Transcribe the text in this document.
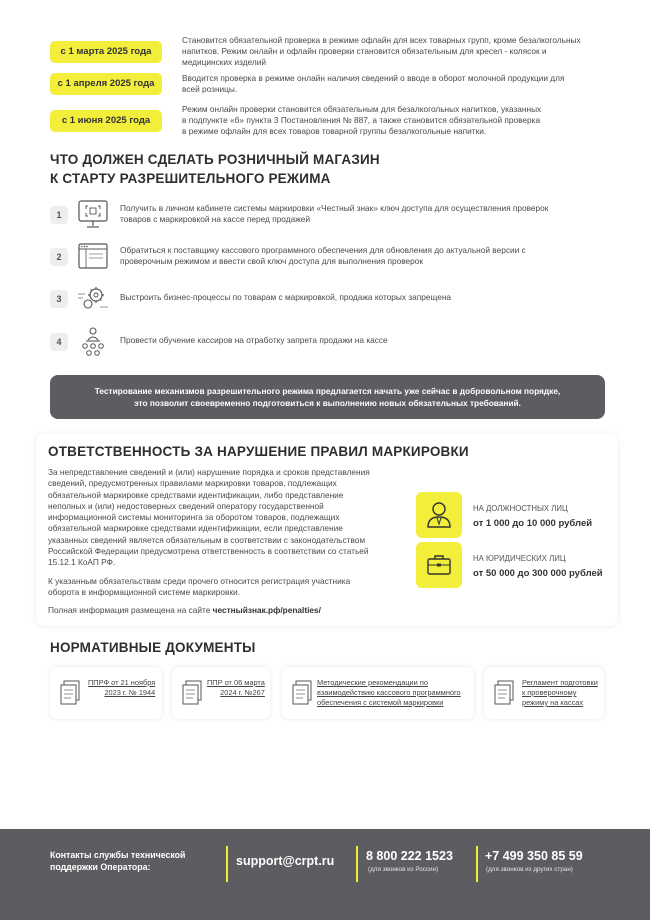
с 1 марта 2025 года
Становится обязательной проверка в режиме офлайн для всех товарных групп, кроме безалкогольных
напитков. Режим онлайн и офлайн проверки становится обязательным для кресел - колясок и
медицинских изделий
с 1 апреля 2025 года	Вводится проверка в режиме онлайн наличия сведений о вводе в оборот молочной продукции для
всей розницы.
с 1 июня 2025 года
Режим онлайн проверки становится обязательным для безалкогольных напитков, указанных
в подпункте «б» пункта 3 Постановления № 887, а также становится обязательной проверка
в режиме офлайн для всех товаров товарной группы безалкогольные напитки.
ЧТО ДОЛЖЕН СДЕЛАТЬ РОЗНИЧНЫЙ МАГАЗИН
К СТАРТУ РАЗРЕШИТЕЛЬНОГО РЕЖИМА
1
Получить в личном кабинете системы маркировки «Честный знак» ключ доступа для осуществления проверок
товаров с маркировкой на кассе перед продажей
2
Обратиться к поставщику кассового программного обеспечения для обновления до актуальной версии с
проверочным режимом и ввести свой ключ доступа для выполнения проверок
3	Выстроить бизнес-процессы по товарам с маркировкой, продажа которых запрещена
4	Провести обучение кассиров на отработку запрета продажи на кассе
Тестирование механизмов разрешительного режима предлагается начать уже сейчас в добровольном порядке,
это позволит своевременно подготовиться к выполнению новых обязательных требований.
ОТВЕТСТВЕННОСТЬ ЗА НАРУШЕНИЕ ПРАВИЛ МАРКИРОВКИ

За непредставление сведений и (или) нарушение порядка и сроков представления
сведений, предусмотренных правилами маркировки товаров, подлежащих
обязательной маркировке средствами идентификации, либо представление
неполных и (или) недостоверных сведений оператору государственной
информационной системы мониторинга за оборотом товаров, подлежащих
обязательной маркировке средствами идентификации, если представление
указанных сведений является обязательным в соответствии с законодательством
Российской Федерации предусмотрена ответственность в соответствии со статьей
15.12.1 КоАП РФ.

К указанным обязательствам среди прочего относится регистрация участника
оборота в информационной системе маркировки.

Полная информация размещена на сайте честныйзнак.рф/penalties/

НА ДОЛЖНОСТНЫХ ЛИЦ
от 1 000 до 10 000 рублей
НА ЮРИДИЧЕСКИХ ЛИЦ
от 50 000 до 300 000 рублей
НОРМАТИВНЫЕ ДОКУМЕНТЫ
ППРФ от 21 ноября
2023 г. № 1944
ППР от 06 марта
2024 г. №267
Методические рекомендации по
взаимодействию кассового программного
обеспечения с системой маркировки
Регламент подготовки
к проверочному
режиму на кассах
Контакты службы технической
поддержки Оператора:	support@crpt.ru	8 800 222 1523
(для звонков из России)
+7 499 350 85 59
(для звонков из других стран)
